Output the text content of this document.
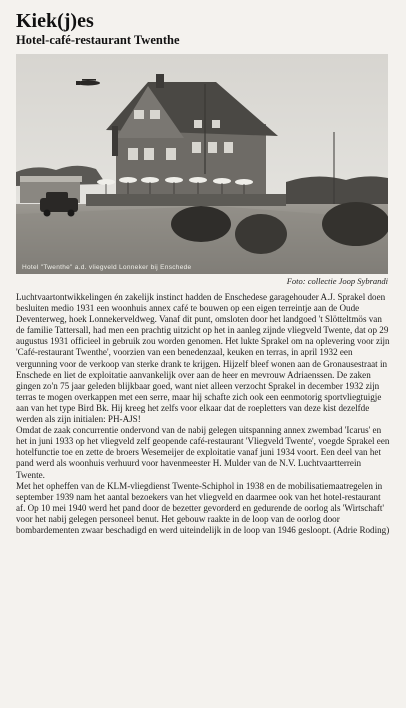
Kiek(j)es
Hotel-café-restaurant Twenthe
Hotel "Twenthe" a.d. vliegveld Lonneker bij Enschede
Foto: collectie Joop Sybrandi

Luchtvaartontwikkelingen én zakelijk instinct hadden de Enschedese garagehouder A.J. Sprakel doen besluiten medio 1931 een woonhuis annex café te bouwen op een eigen terreintje aan de Oude Deventerweg, hoek Lonnekerveldweg. Vanaf dit punt, omsloten door het landgoed 't Slötteltmös van de familie Tattersall, had men een prachtig uitzicht op het in aanleg zijnde vliegveld Twente, dat op 29 augustus 1931 officieel in gebruik zou worden genomen. Het lukte Sprakel om na oplevering voor zijn 'Café-restaurant Twenthe', voorzien van een benedenzaal, keuken en terras, in april 1932 een vergunning voor de verkoop van sterke drank te krijgen. Hijzelf bleef wonen aan de Gronausestraat in Enschede en liet de exploitatie aanvankelijk over aan de heer en mevrouw Adriaenssen. De zaken gingen zo'n 75 jaar geleden blijkbaar goed, want niet alleen verzocht Sprakel in december 1932 zijn terras te mogen overkappen met een serre, maar hij schafte zich ook een eenmotorig sportvliegtuigje aan van het type Bird Bk. Hij kreeg het zelfs voor elkaar dat de roepletters van deze kist dezelfde werden als zijn initialen: PH-AJS!

Omdat de zaak concurrentie ondervond van de nabij gelegen uitspanning annex zwembad 'Icarus' en het in juni 1933 op het vliegveld zelf geopende café-restaurant 'Vliegveld Twente', voegde Sprakel een hotelfunctie toe en zette de broers Wesemeijer de exploitatie vanaf juni 1934 voort. Een deel van het pand werd als woonhuis verhuurd voor havenmeester H. Mulder van de N.V. Luchtvaartterrein Twente.

Met het opheffen van de KLM-vliegdienst Twente-Schiphol in 1938 en de mobilisatiemaatregelen in september 1939 nam het aantal bezoekers van het vliegveld en daarmee ook van het hotel-restaurant af. Op 10 mei 1940 werd het pand door de bezetter gevorderd en gedurende de oorlog als 'Wirtschaft' voor het nabij gelegen personeel benut. Het gebouw raakte in de loop van de oorlog door bombardementen zwaar beschadigd en werd uiteindelijk in de loop van 1946 gesloopt. (Adrie Roding)
